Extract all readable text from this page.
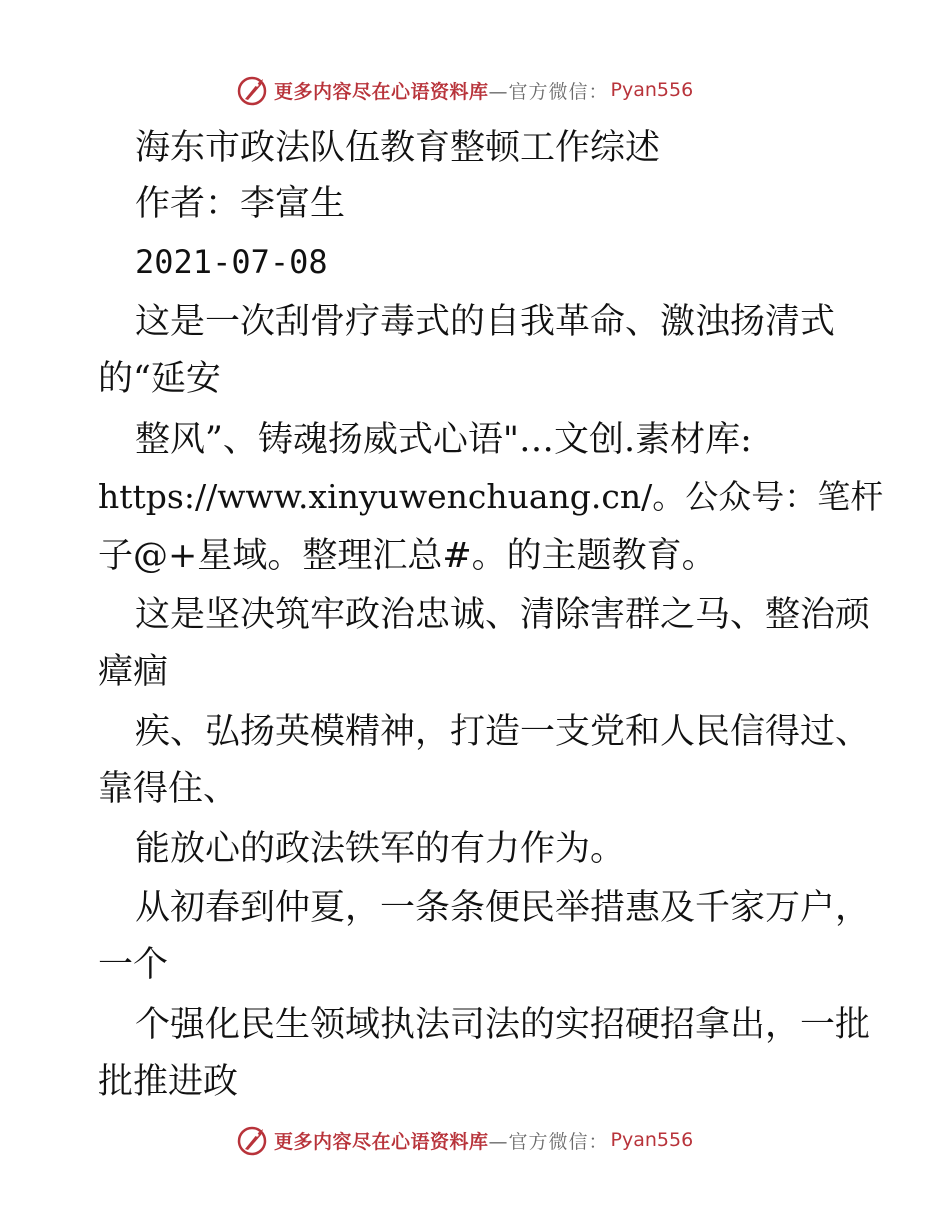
更多内容尽在心语资料库 —官方微信： Pyan556
海东市政法队伍教育整顿工作综述
作者：李富生
2021-07-08
这是一次刮骨疗毒式的自我革命、激浊扬清式
的“延安
整风”、铸魂扬威式心语"…文创.素材库:
https://www.xinyuwenchuang.cn/。公众号：笔杆
子@+星域。整理汇总#。的主题教育。
这是坚决筑牢政治忠诚、清除害群之马、整治顽
瘴痼
疾、弘扬英模精神，打造一支党和人民信得过、
靠得住、
能放心的政法铁军的有力作为。
从初春到仲夏，一条条便民举措惠及千家万户，
一个
个强化民生领域执法司法的实招硬招拿出，一批
批推进政
更多内容尽在心语资料库 —官方微信： Pyan556
